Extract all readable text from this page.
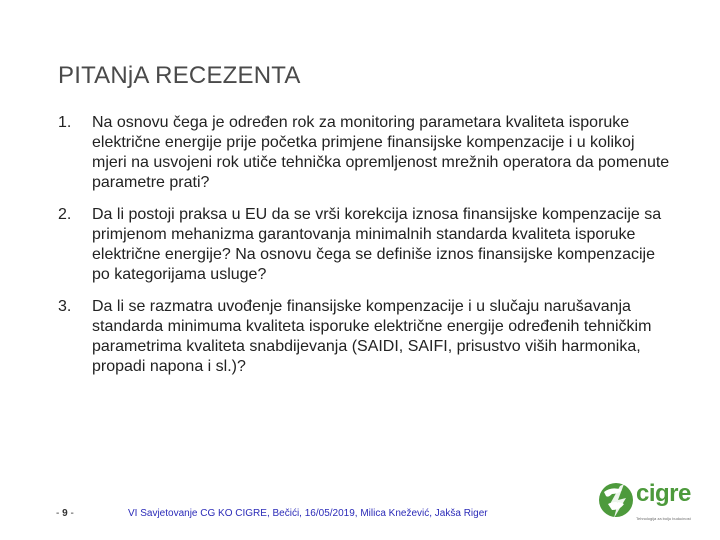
PITANjA RECEZENTA
1.	Na osnovu čega je određen rok za monitoring parametara kvaliteta isporuke električne energije prije početka primjene finansijske kompenzacije i u kolikoj mjeri na usvojeni rok utiče tehnička opremljenost mrežnih operatora da pomenute parametre prati?
2.	Da li postoji praksa u EU da se vrši korekcija iznosa finansijske kompenzacije sa primjenom mehanizma garantovanja minimalnih standarda kvaliteta isporuke električne energije? Na osnovu čega se definiše iznos finansijske kompenzacije po kategorijama usluge?
3.	Da li se razmatra uvođenje finansijske kompenzacije i u slučaju narušavanja standarda minimuma kvaliteta isporuke električne energije određenih tehničkim parametrima kvaliteta snabdijevanja (SAIDI, SAIFI, prisustvo viših harmonika, propadi napona i sl.)?
- 9 -	VI Savjetovanje CG KO CIGRE, Bečići, 16/05/2019, Milica Knežević, Jakša Riger
cigre
Tehnologija za bolju budućnost
